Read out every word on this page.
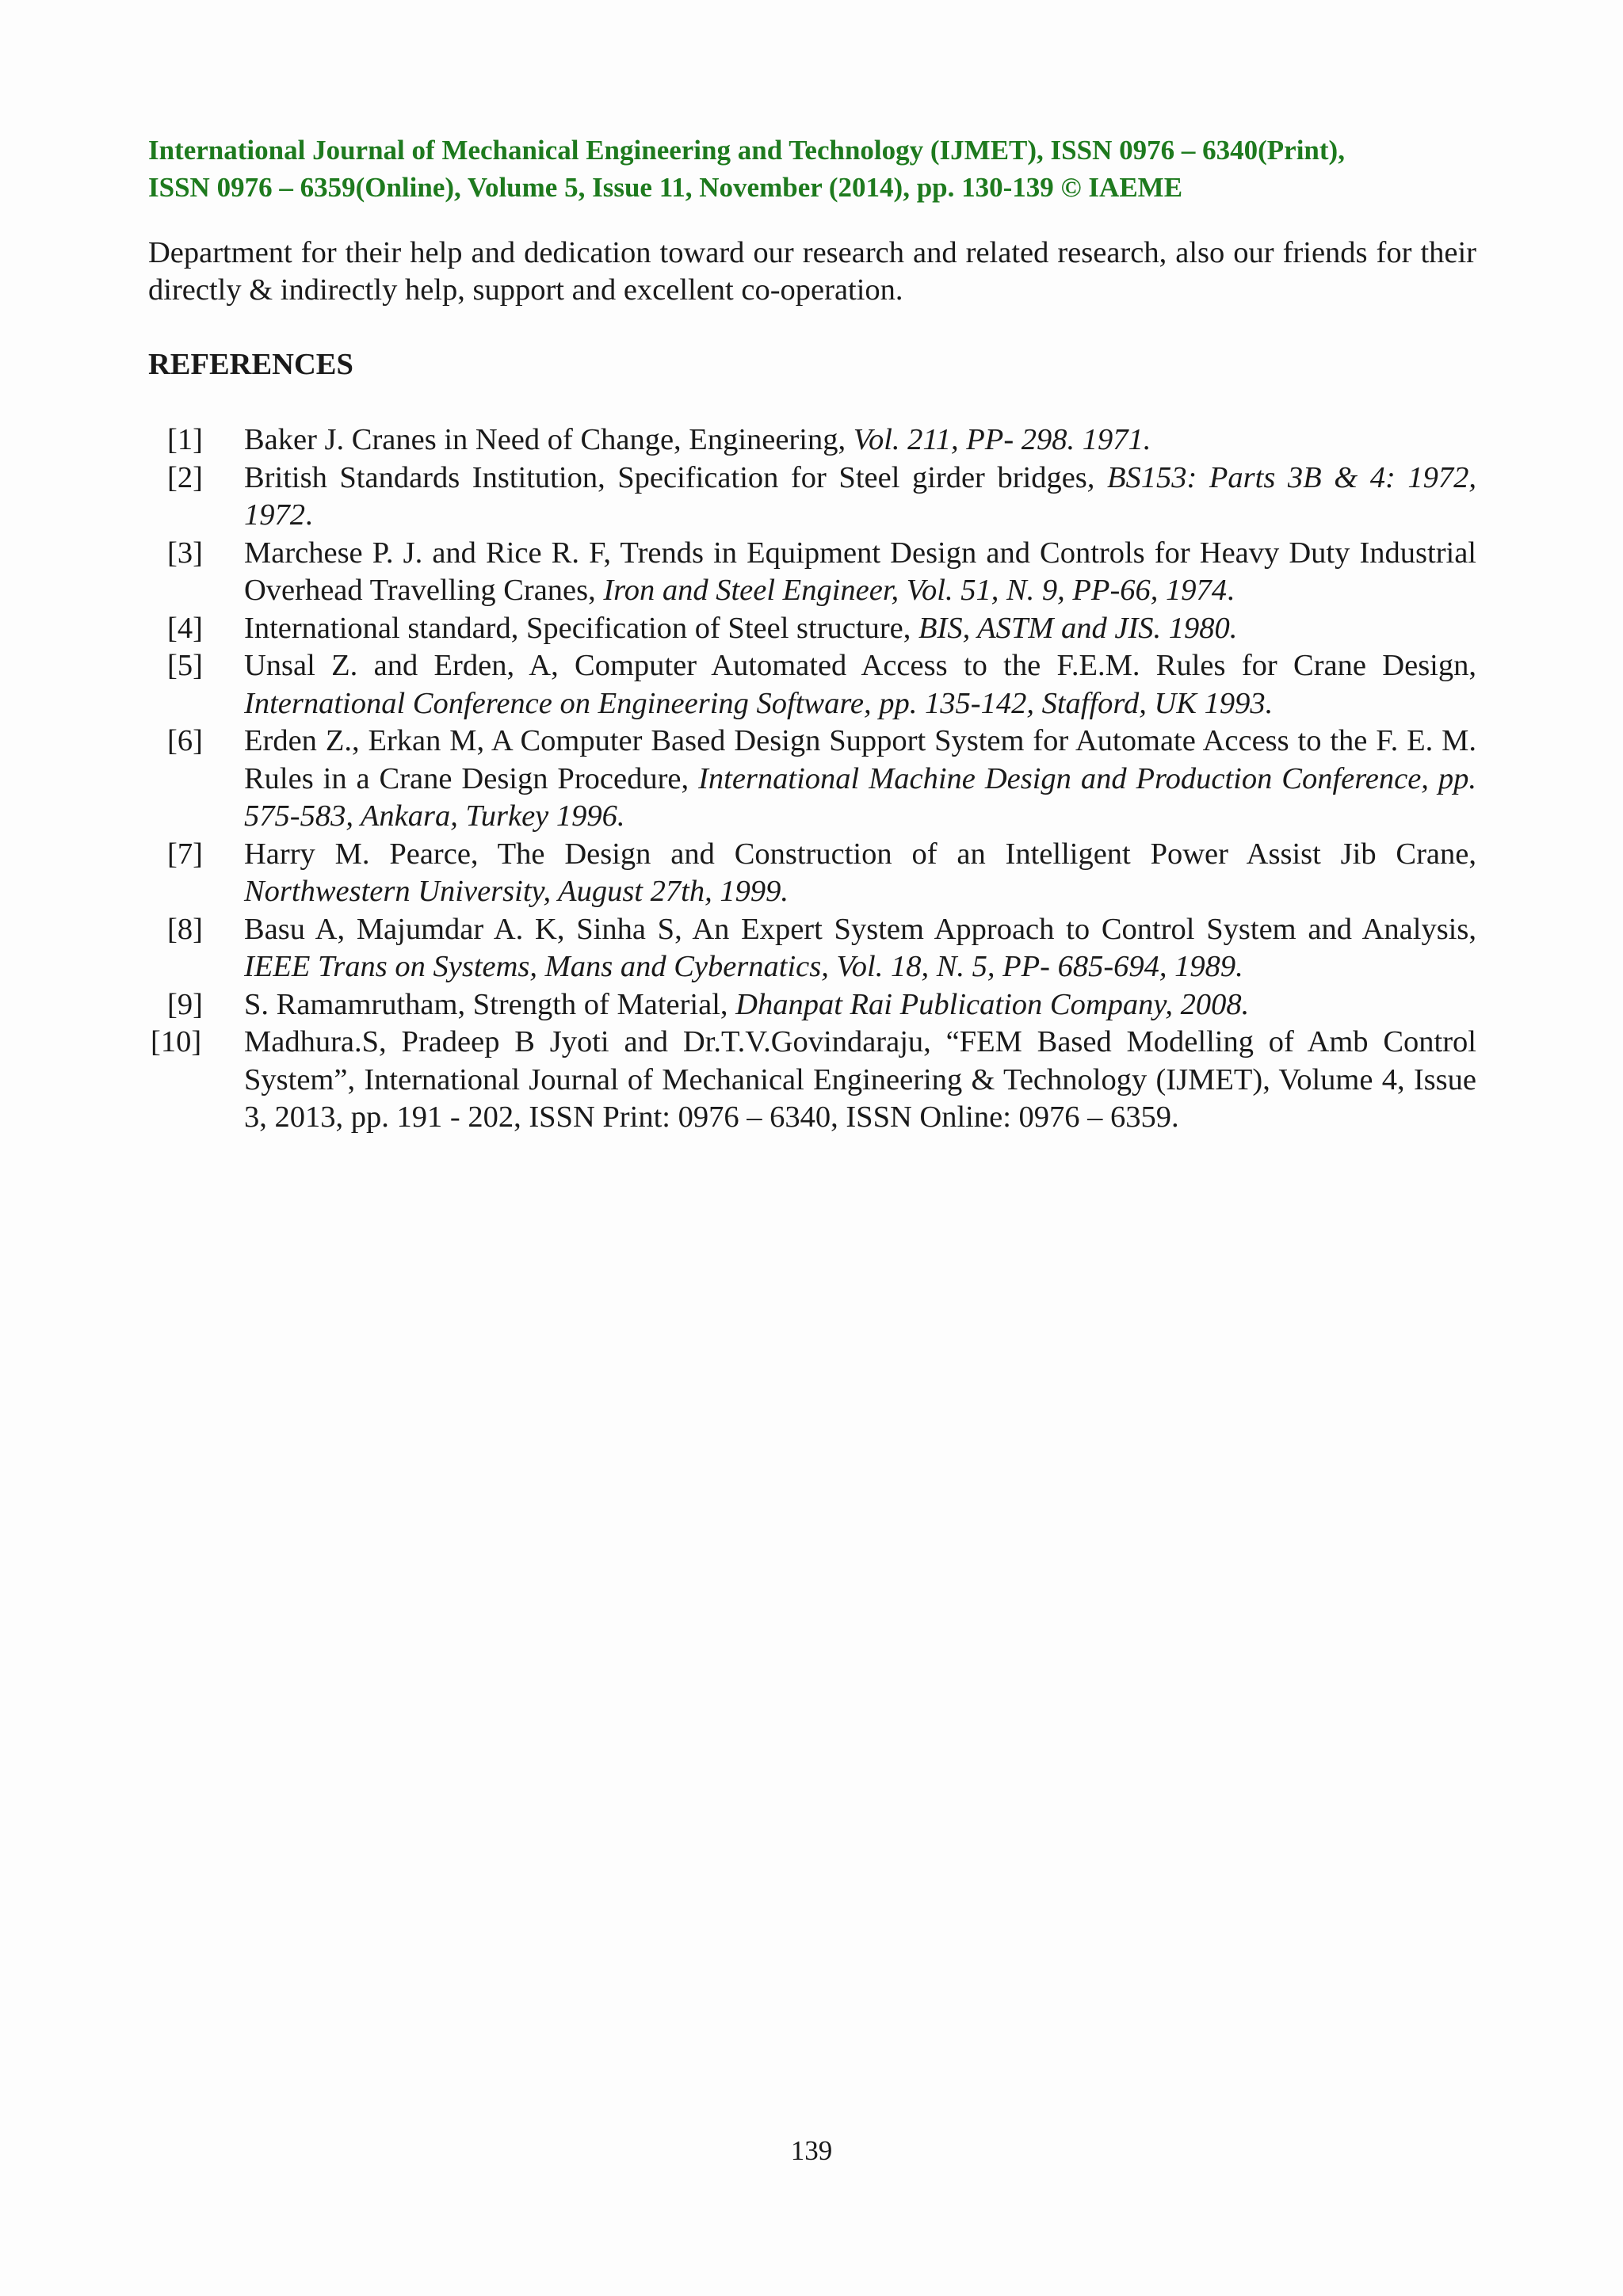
International Journal of Mechanical Engineering and Technology (IJMET), ISSN 0976 – 6340(Print),
ISSN 0976 – 6359(Online), Volume 5, Issue 11, November (2014), pp. 130-139 © IAEME

Department for their help and dedication toward our research and related research, also our friends for their directly & indirectly help, support and excellent co-operation.

REFERENCES
[1] Baker J. Cranes in Need of Change, Engineering, Vol. 211, PP- 298. 1971.
[2] British Standards Institution, Specification for Steel girder bridges, BS153: Parts 3B & 4: 1972, 1972.
[3] Marchese P. J. and Rice R. F, Trends in Equipment Design and Controls for Heavy Duty Industrial Overhead Travelling Cranes, Iron and Steel Engineer, Vol. 51, N. 9, PP-66, 1974.
[4] International standard, Specification of Steel structure, BIS, ASTM and JIS. 1980.
[5] Unsal Z. and Erden, A, Computer Automated Access to the F.E.M. Rules for Crane Design, International Conference on Engineering Software, pp. 135-142, Stafford, UK 1993.
[6] Erden Z., Erkan M, A Computer Based Design Support System for Automate Access to the F. E. M. Rules in a Crane Design Procedure, International Machine Design and Production Conference, pp. 575-583, Ankara, Turkey 1996.
[7] Harry M. Pearce, The Design and Construction of an Intelligent Power Assist Jib Crane, Northwestern University, August 27th, 1999.
[8] Basu A, Majumdar A. K, Sinha S, An Expert System Approach to Control System and Analysis, IEEE Trans on Systems, Mans and Cybernatics, Vol. 18, N. 5, PP- 685-694, 1989.
[9] S. Ramamrutham, Strength of Material, Dhanpat Rai Publication Company, 2008.
[10] Madhura.S, Pradeep B Jyoti and Dr.T.V.Govindaraju, “FEM Based Modelling of Amb Control System”, International Journal of Mechanical Engineering & Technology (IJMET), Volume 4, Issue 3, 2013, pp. 191 - 202, ISSN Print: 0976 – 6340, ISSN Online: 0976 – 6359.
139
